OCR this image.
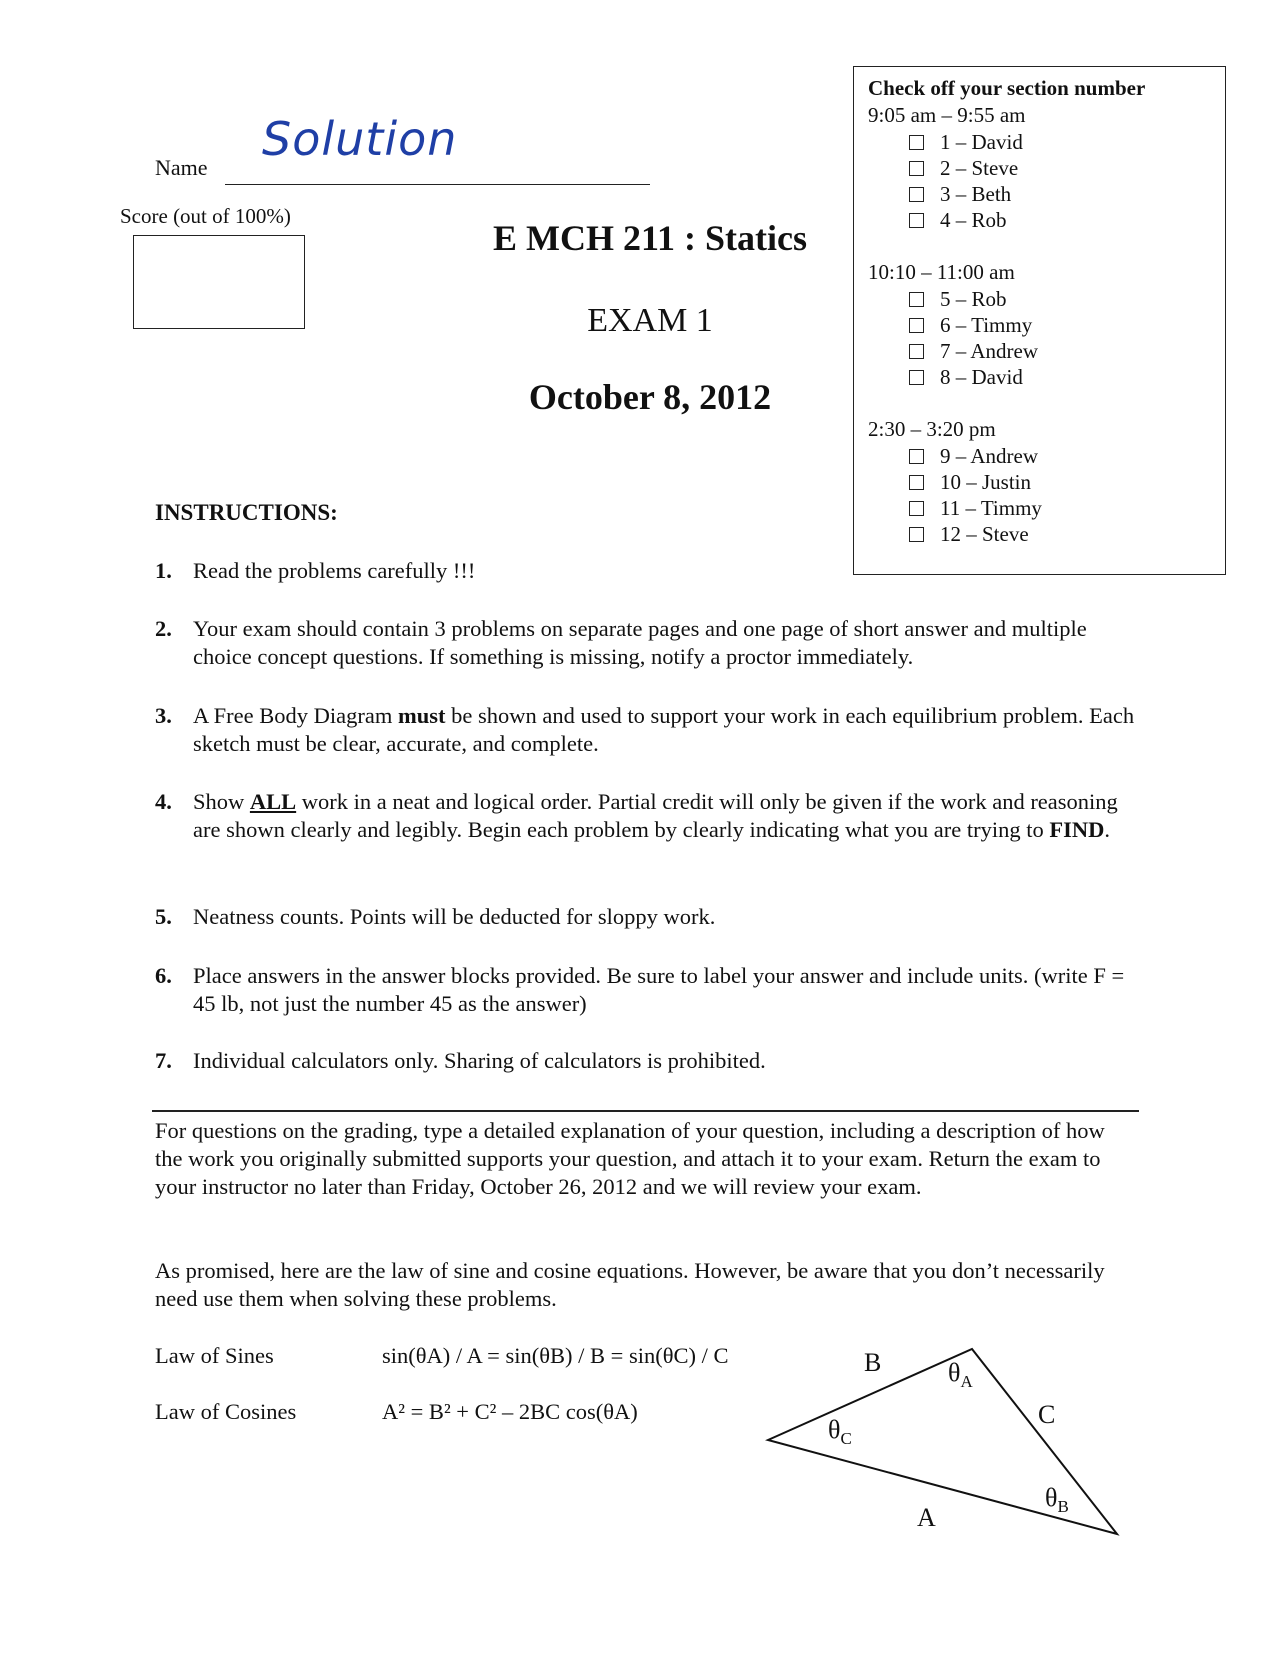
Name
Solution
Score (out of 100%)
E MCH 211 : Statics
EXAM 1
October 8, 2012
Check off your section number
9:05 am – 9:55 am
1 – David
2 – Steve
3 – Beth
4 – Rob
10:10 – 11:00 am
5 – Rob
6 – Timmy
7 – Andrew
8 – David
2:30 – 3:20 pm
9 – Andrew
10 – Justin
11 – Timmy
12 – Steve
INSTRUCTIONS:
1. Read the problems carefully !!!
2. Your exam should contain 3 problems on separate pages and one page of short answer and multiple choice concept questions. If something is missing, notify a proctor immediately.
3. A Free Body Diagram must be shown and used to support your work in each equilibrium problem. Each sketch must be clear, accurate, and complete.
4. Show ALL work in a neat and logical order. Partial credit will only be given if the work and reasoning are shown clearly and legibly. Begin each problem by clearly indicating what you are trying to FIND.
5. Neatness counts. Points will be deducted for sloppy work.
6. Place answers in the answer blocks provided. Be sure to label your answer and include units. (write F = 45 lb, not just the number 45 as the answer)
7. Individual calculators only. Sharing of calculators is prohibited.
For questions on the grading, type a detailed explanation of your question, including a description of how the work you originally submitted supports your question, and attach it to your exam. Return the exam to your instructor no later than Friday, October 26, 2012 and we will review your exam.
As promised, here are the law of sine and cosine equations. However, be aware that you don’t necessarily need use them when solving these problems.
Law of Sines	sin(θA) / A = sin(θB) / B = sin(θC) / C
Law of Cosines	A² = B² + C² – 2BC cos(θA)
B
C
A
$\theta_A$
$\theta_C$
$\theta_B$
